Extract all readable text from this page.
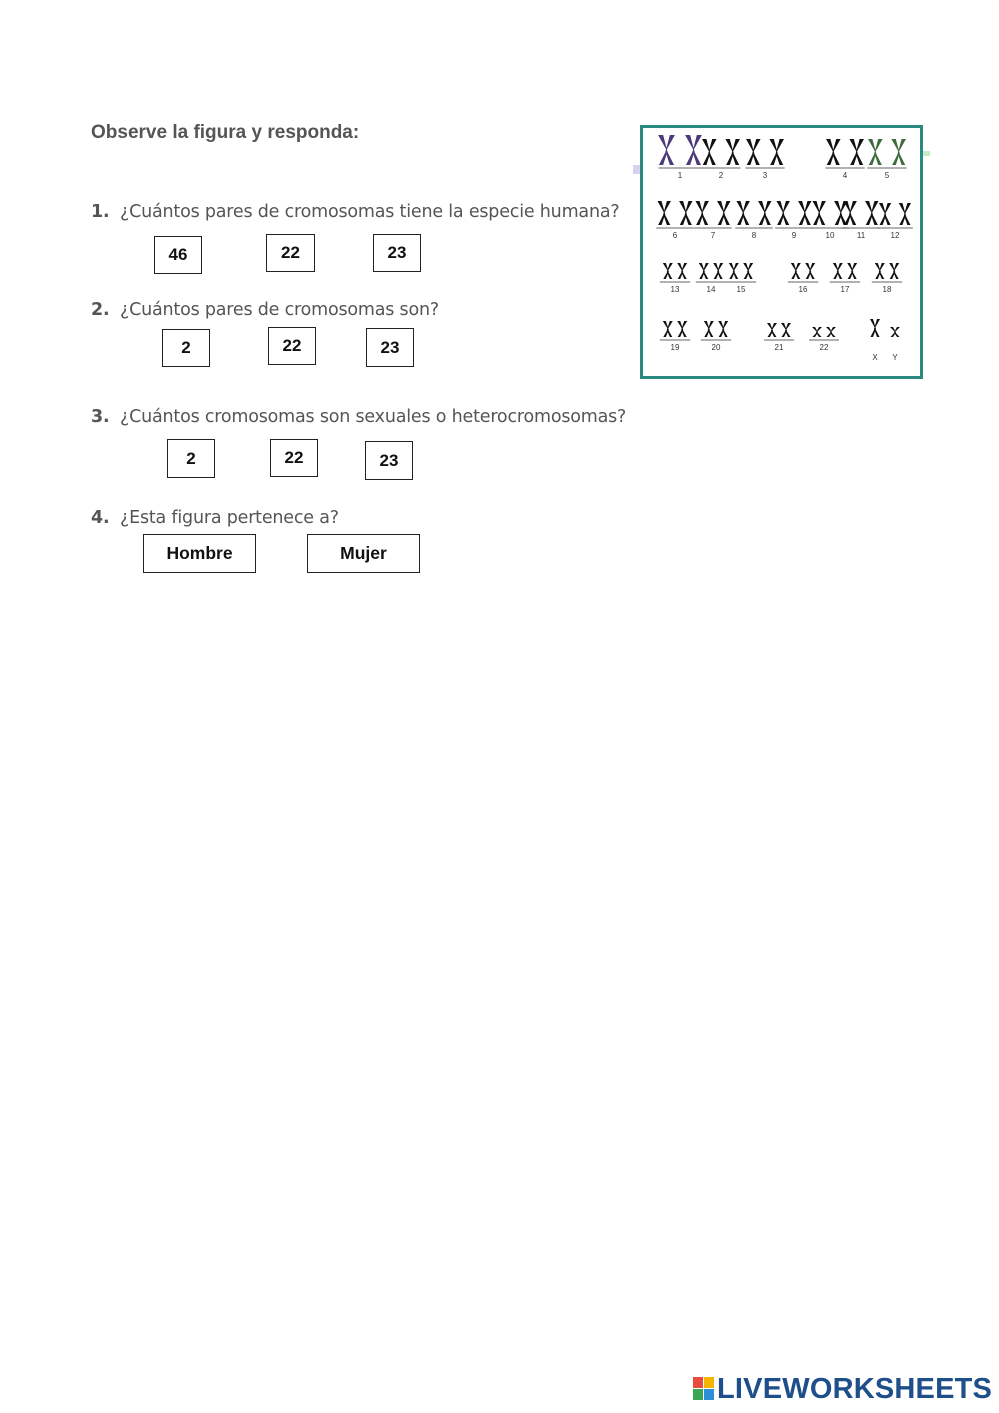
Observe la figura y responda:
1. ¿Cuántos pares de cromosomas tiene la especie humana?
46	22	23
2. ¿Cuántos pares de cromosomas son?
2	22	23
3. ¿Cuántos cromosomas son sexuales o heterocromosomas?
2	22	23
4. ¿Esta figura pertenece a?
Hombre	Mujer
1	2	3	4	5
6	7	8	9	10	11	12
13	14	15	16	17	18
19	20	21	22
X Y
LIVEWORKSHEETS
